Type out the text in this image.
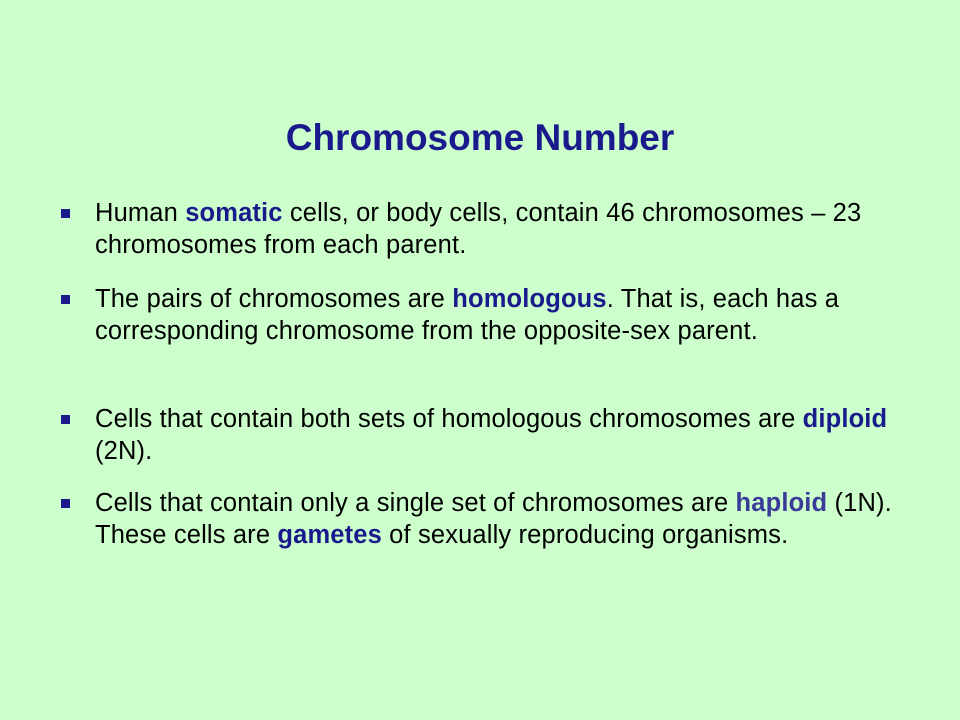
Chromosome Number
Human somatic cells, or body cells, contain 46 chromosomes – 23 chromosomes from each parent.
The pairs of chromosomes are homologous. That is, each has a corresponding chromosome from the opposite-sex parent.
Cells that contain both sets of homologous chromosomes are diploid (2N).
Cells that contain only a single set of chromosomes are haploid (1N). These cells are gametes of sexually reproducing organisms.
